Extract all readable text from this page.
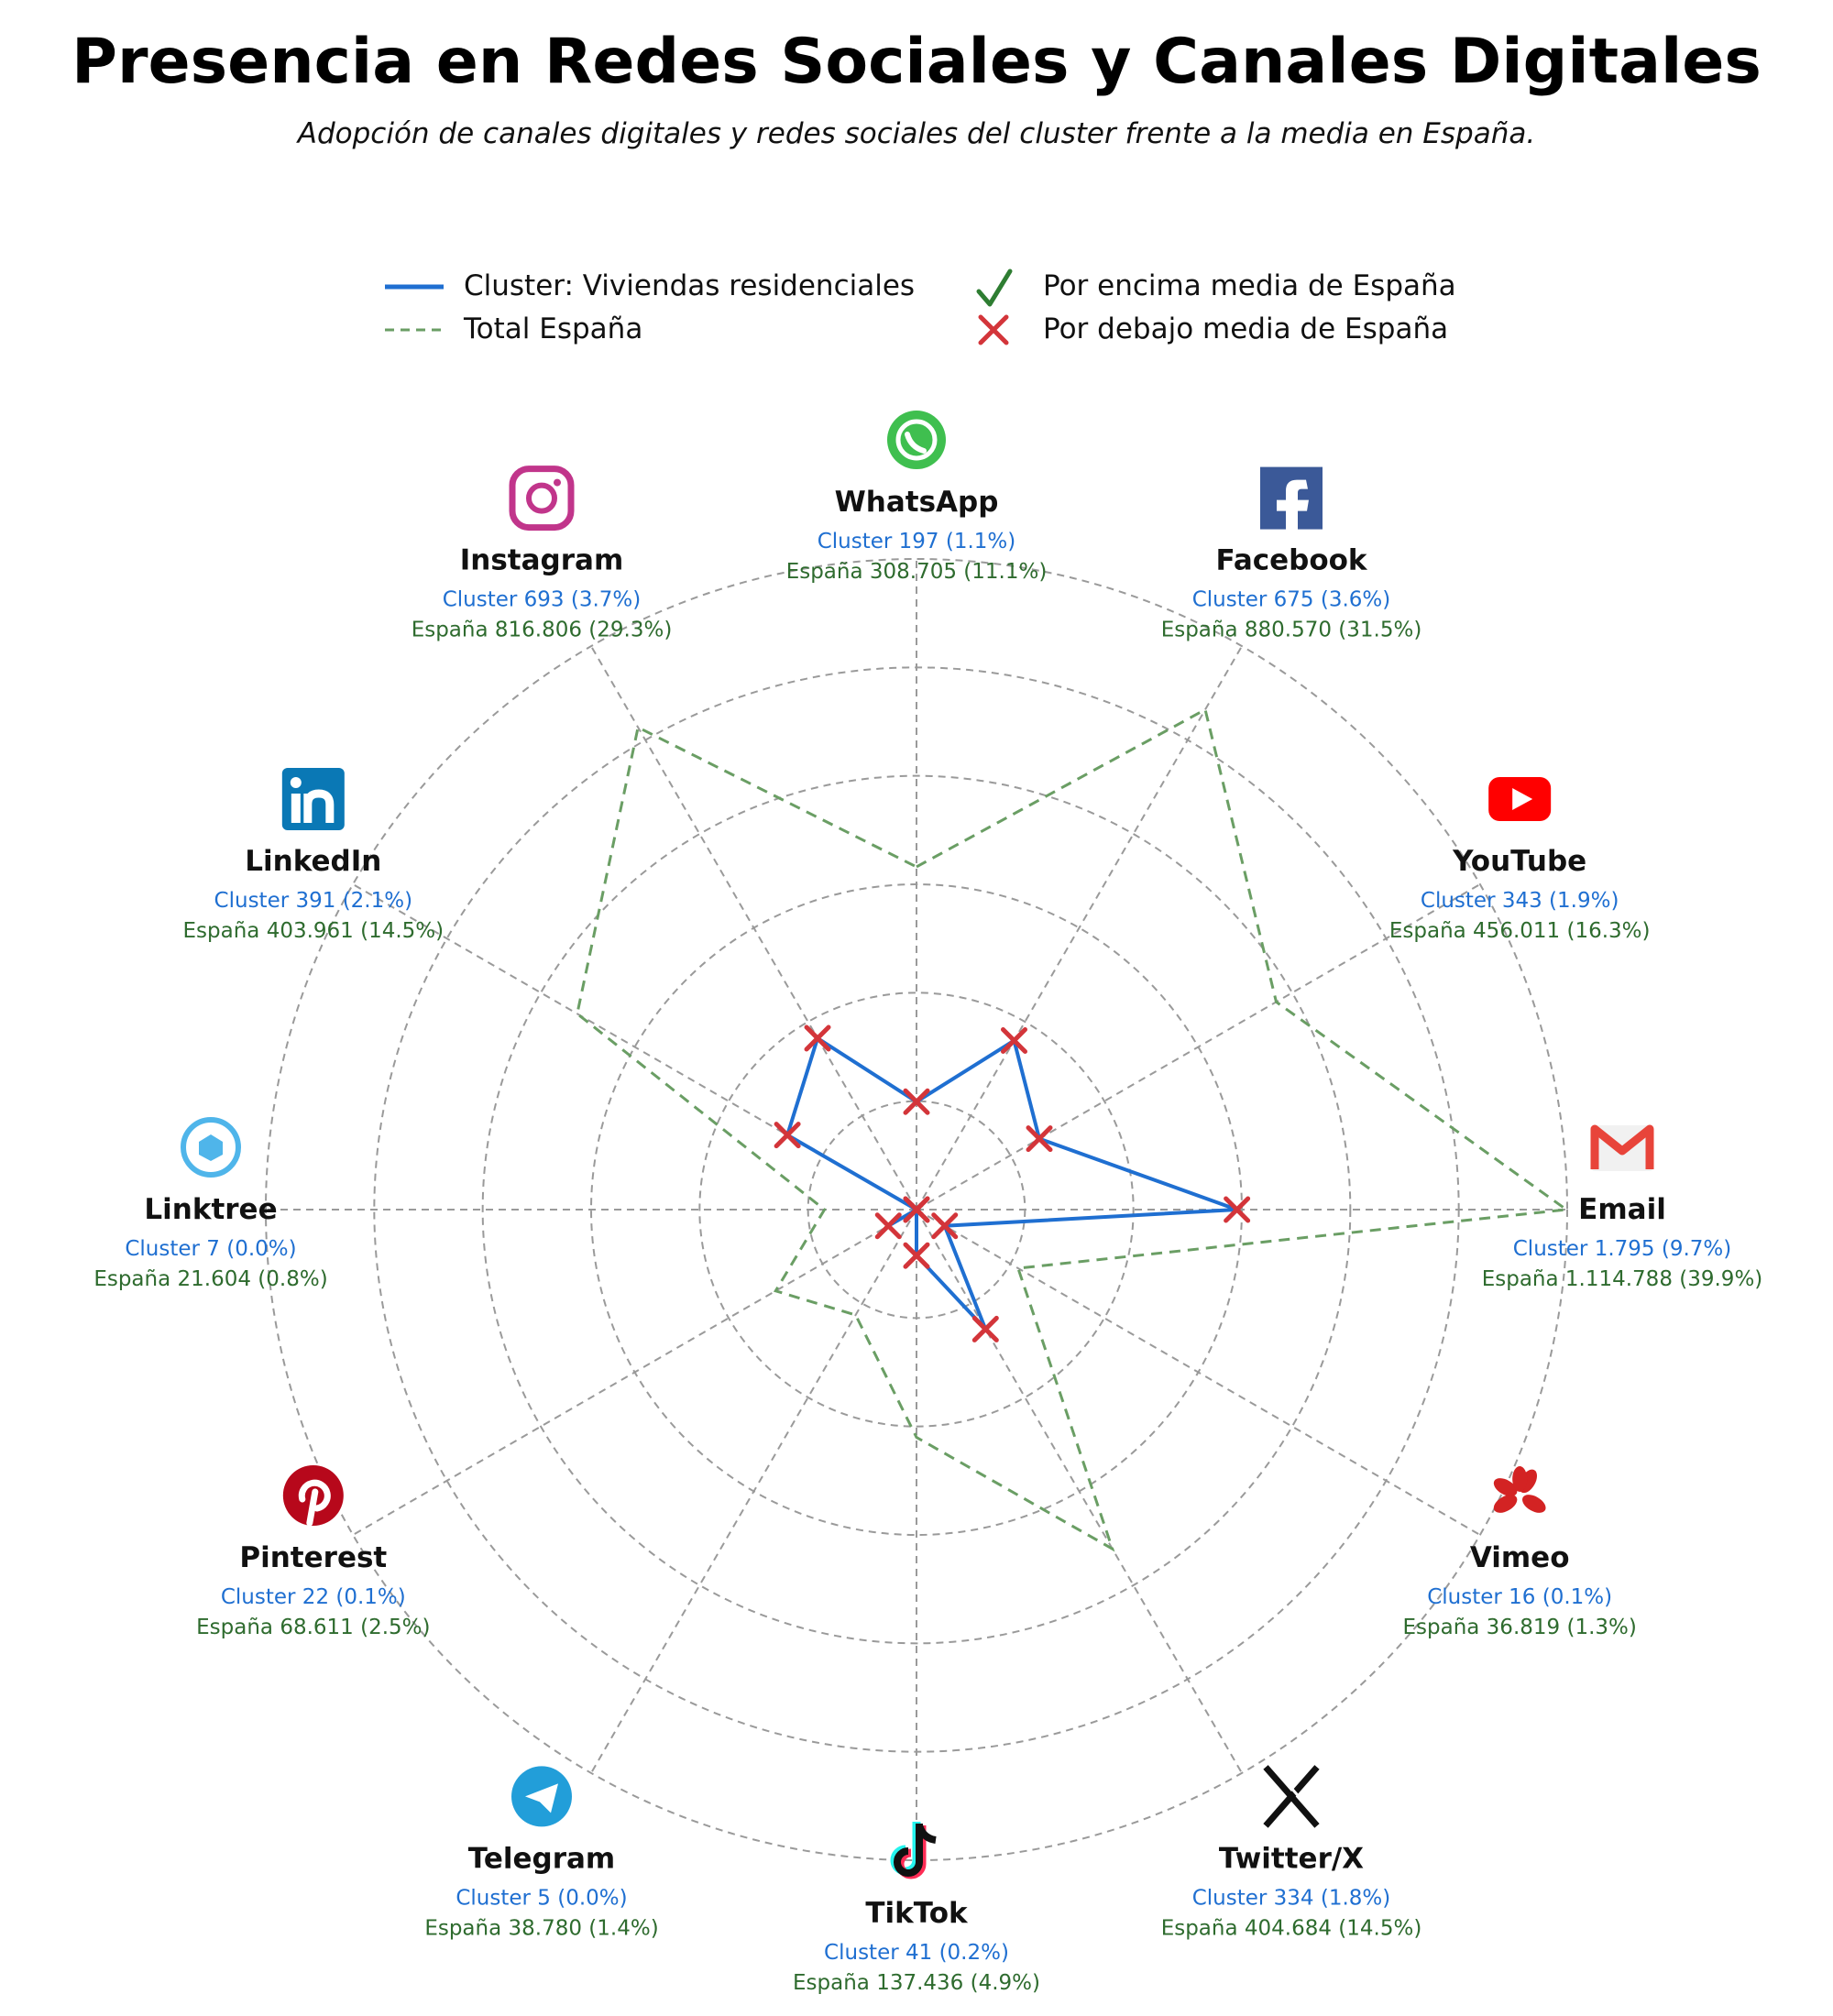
Presencia en Redes Sociales y Canales Digitales
Adopción de canales digitales y redes sociales del cluster frente a la media en España.
Cluster: Viviendas residenciales
Total España
Por encima media de España
Por debajo media de España
WhatsApp
Cluster 197 (1.1%)
España 308.705 (11.1%)	Facebook
Cluster 675 (3.6%)
España 880.570 (31.5%)
YouTube
Cluster 343 (1.9%)
España 456.011 (16.3%)
Email
Cluster 1.795 (9.7%)
España 1.114.788 (39.9%)
Vimeo
Cluster 16 (0.1%)
España 36.819 (1.3%)
Twitter/X
Cluster 334 (1.8%)
España 404.684 (14.5%)
TikTok
Cluster 41 (0.2%)
España 137.436 (4.9%)
Telegram
Cluster 5 (0.0%)
España 38.780 (1.4%)
Pinterest
Cluster 22 (0.1%)
España 68.611 (2.5%)
Linktree
Cluster 7 (0.0%)
España 21.604 (0.8%)
LinkedIn
Cluster 391 (2.1%)
España 403.961 (14.5%)
Instagram
Cluster 693 (3.7%)
España 816.806 (29.3%)
